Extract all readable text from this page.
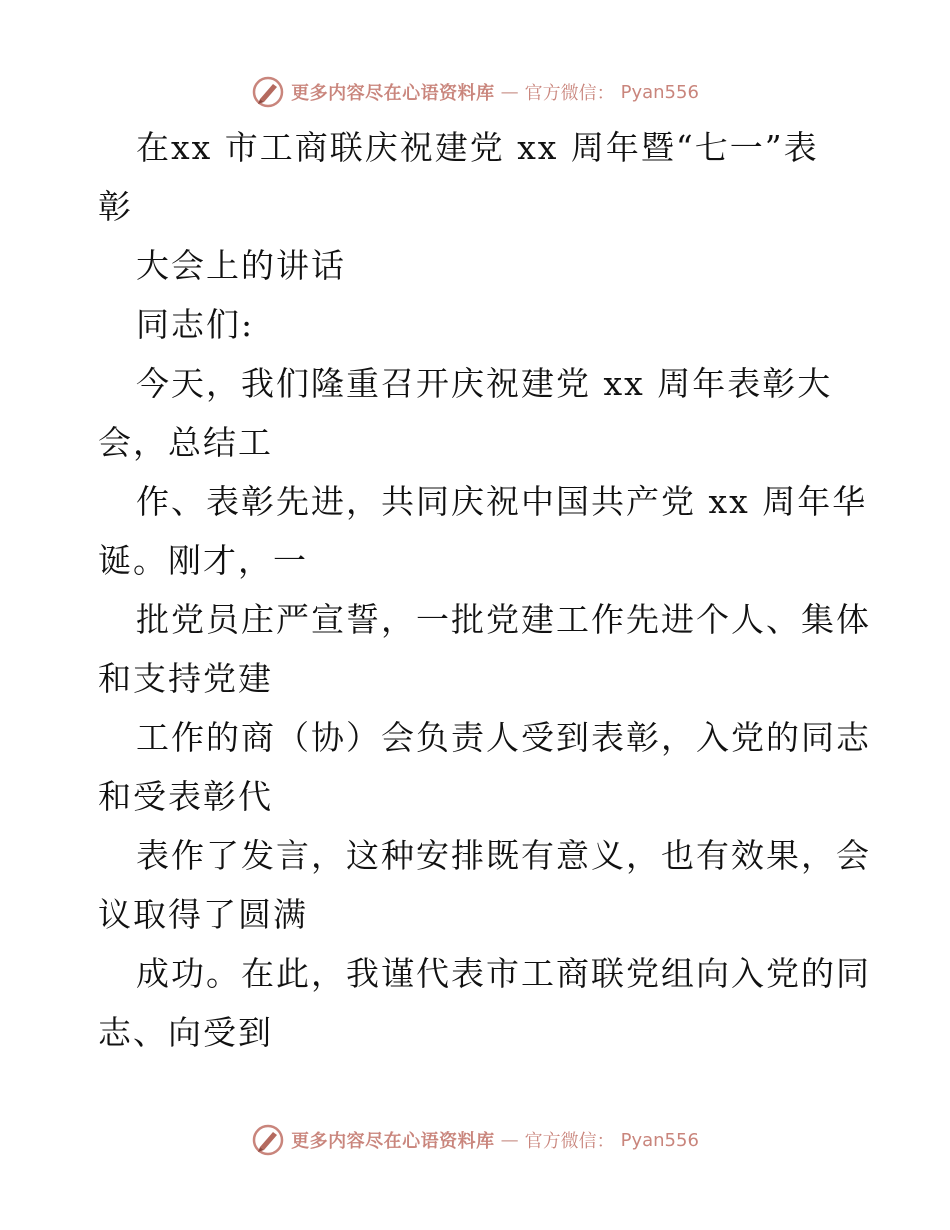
更多内容尽在心语资料库 — 官方微信： Pyan556
在xx 市工商联庆祝建党 xx 周年暨“七一”表
彰
大会上的讲话
同志们:
今天，我们隆重召开庆祝建党 xx 周年表彰大
会，总结工
作、表彰先进，共同庆祝中国共产党 xx 周年华
诞。刚才，一
批党员庄严宣誓，一批党建工作先进个人、集体
和支持党建
工作的商（协）会负责人受到表彰，入党的同志
和受表彰代
表作了发言，这种安排既有意义，也有效果，会
议取得了圆满
成功。在此，我谨代表市工商联党组向入党的同
志、向受到
更多内容尽在心语资料库 — 官方微信： Pyan556
